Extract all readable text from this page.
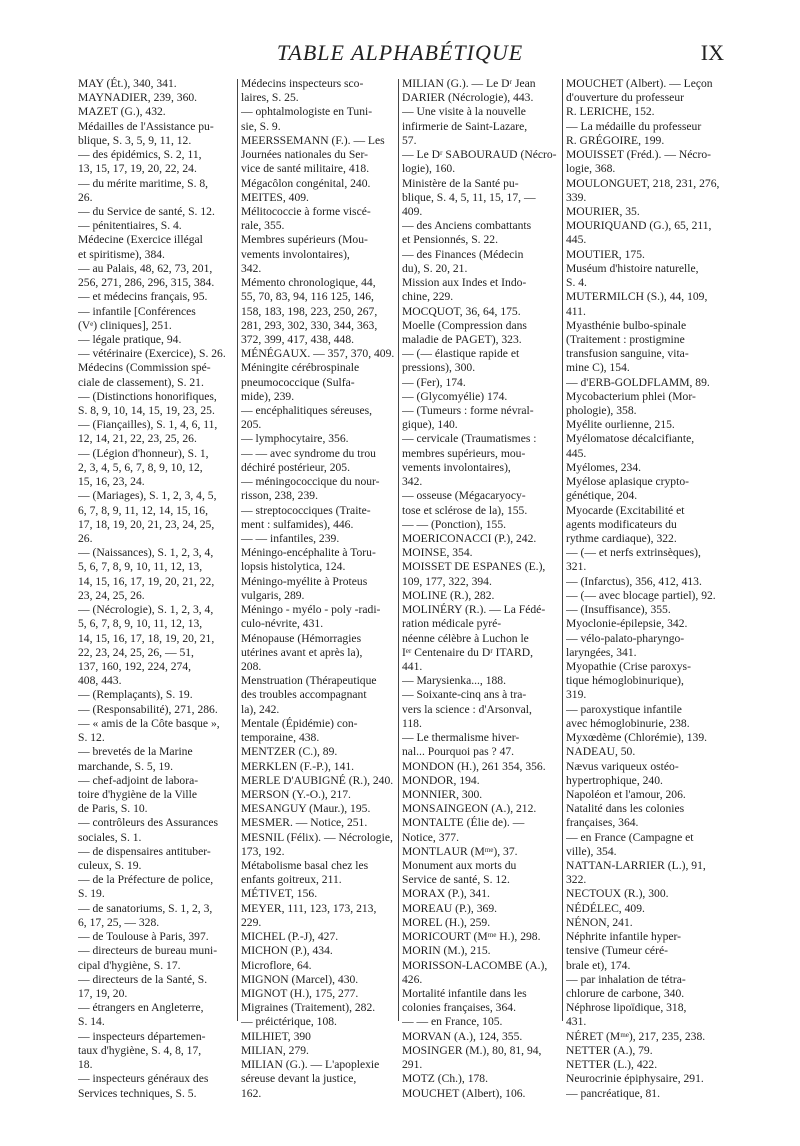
TABLE ALPHABÉTIQUE	IX
MAY (Ét.), 340, 341.
MAYNADIER, 239, 360.
MAZET (G.), 432.
Médailles de l'Assistance pu-
blique, S. 3, 5, 9, 11, 12.
— des épidémics, S. 2, 11,
13, 15, 17, 19, 20, 22, 24.
— du mérite maritime, S. 8,
26.
— du Service de santé, S. 12.
— pénitentiaires, S. 4.
Médecine (Exercice illégal
et spiritisme), 384.
— au Palais, 48, 62, 73, 201,
256, 271, 286, 296, 315, 384.
— et médecins français, 95.
— infantile [Conférences
(Vᵉ) cliniques], 251.
— légale pratique, 94.
— vétérinaire (Exercice), S. 26.
Médecins (Commission spé-
ciale de classement), S. 21.
— (Distinctions honorifiques,
S. 8, 9, 10, 14, 15, 19, 23, 25.
— (Fiançailles), S. 1, 4, 6, 11,
12, 14, 21, 22, 23, 25, 26.
— (Légion d'honneur), S. 1,
2, 3, 4, 5, 6, 7, 8, 9, 10, 12,
15, 16, 23, 24.
— (Mariages), S. 1, 2, 3, 4, 5,
6, 7, 8, 9, 11, 12, 14, 15, 16,
17, 18, 19, 20, 21, 23, 24, 25,
26.
— (Naissances), S. 1, 2, 3, 4,
5, 6, 7, 8, 9, 10, 11, 12, 13,
14, 15, 16, 17, 19, 20, 21, 22,
23, 24, 25, 26.
— (Nécrologie), S. 1, 2, 3, 4,
5, 6, 7, 8, 9, 10, 11, 12, 13,
14, 15, 16, 17, 18, 19, 20, 21,
22, 23, 24, 25, 26, — 51,
137, 160, 192, 224, 274,
408, 443.
— (Remplaçants), S. 19.
— (Responsabilité), 271, 286.
— « amis de la Côte basque »,
S. 12.
— brevetés de la Marine
marchande, S. 5, 19.
— chef-adjoint de labora-
toire d'hygiène de la Ville
de Paris, S. 10.
— contrôleurs des Assurances
sociales, S. 1.
— de dispensaires antituber-
culeux, S. 19.
— de la Préfecture de police,
S. 19.
— de sanatoriums, S. 1, 2, 3,
6, 17, 25, — 328.
— de Toulouse à Paris, 397.
— directeurs de bureau muni-
cipal d'hygiène, S. 17.
— directeurs de la Santé, S.
17, 19, 20.
— étrangers en Angleterre,
S. 14.
— inspecteurs départemen-
taux d'hygiène, S. 4, 8, 17,
18.
— inspecteurs généraux des
Services techniques, S. 5.
Médecins inspecteurs sco-
laires, S. 25.
— ophtalmologiste en Tuni-
sie, S. 9.
MEERSSEMANN (F.). — Les
Journées nationales du Ser-
vice de santé militaire, 418.
Mégacôlon congénital, 240.
MEITES, 409.
Mélitococcie à forme viscé-
rale, 355.
Membres supérieurs (Mou-
vements involontaires),
342.
Mémento chronologique, 44,
55, 70, 83, 94, 116 125, 146,
158, 183, 198, 223, 250, 267,
281, 293, 302, 330, 344, 363,
372, 399, 417, 438, 448.
MÉNÉGAUX. — 357, 370, 409.
Méningite cérébrospinale
pneumococcique (Sulfa-
mide), 239.
— encéphalitiques séreuses,
205.
— lymphocytaire, 356.
— — avec syndrome du trou
déchiré postérieur, 205.
— méningococcique du nour-
risson, 238, 239.
— streptococciques (Traite-
ment : sulfamides), 446.
— — infantiles, 239.
Méningo-encéphalite à Toru-
lopsis histolytica, 124.
Méningo-myélite à Proteus
vulgaris, 289.
Méningo - myélo - poly -radi-
culo-névrite, 431.
Ménopause (Hémorragies
utérines avant et après la),
208.
Menstruation (Thérapeutique
des troubles accompagnant
la), 242.
Mentale (Épidémie) con-
temporaine, 438.
MENTZER (C.), 89.
MERKLEN (F.-P.), 141.
MERLE D'AUBIGNÉ (R.), 240.
MERSON (Y.-O.), 217.
MESANGUY (Maur.), 195.
MESMER. — Notice, 251.
MESNIL (Félix). — Nécrologie,
173, 192.
Métabolisme basal chez les
enfants goitreux, 211.
MÉTIVET, 156.
MEYER, 111, 123, 173, 213,
229.
MICHEL (P.-J), 427.
MICHON (P.), 434.
Microflore, 64.
MIGNON (Marcel), 430.
MIGNOT (H.), 175, 277.
Migraines (Traitement), 282.
— préictérique, 108.
MILHIET, 390
MILIAN, 279.
MILIAN (G.). — L'apoplexie
séreuse devant la justice,
162.
MILIAN (G.). — Le Dʳ Jean
DARIER (Nécrologie), 443.
— Une visite à la nouvelle
infirmerie de Saint-Lazare,
57.
— Le Dʳ SABOURAUD (Nécro-
logie), 160.
Ministère de la Santé pu-
blique, S. 4, 5, 11, 15, 17, —
409.
— des Anciens combattants
et Pensionnés, S. 22.
— des Finances (Médecin
du), S. 20, 21.
Mission aux Indes et Indo-
chine, 229.
MOCQUOT, 36, 64, 175.
Moelle (Compression dans
maladie de PAGET), 323.
— (— élastique rapide et
pressions), 300.
— (Fer), 174.
— (Glycomyélie) 174.
— (Tumeurs : forme névral-
gique), 140.
— cervicale (Traumatismes :
membres supérieurs, mou-
vements involontaires),
342.
— osseuse (Mégacaryocy-
tose et sclérose de la), 155.
— — (Ponction), 155.
MOERICONACCI (P.), 242.
MOINSE, 354.
MOISSET DE ESPANES (E.),
109, 177, 322, 394.
MOLINE (R.), 282.
MOLINÉRY (R.). — La Fédé-
ration médicale pyré-
néenne célèbre à Luchon le
Iᵉʳ Centenaire du Dʳ ITARD,
441.
— Marysienka..., 188.
— Soixante-cinq ans à tra-
vers la science : d'Arsonval,
118.
— Le thermalisme hiver-
nal... Pourquoi pas ? 47.
MONDON (H.), 261 354, 356.
MONDOR, 194.
MONNIER, 300.
MONSAINGEON (A.), 212.
MONTALTE (Élie de). —
Notice, 377.
MONTLAUR (Mᵐᵉ), 37.
Monument aux morts du
Service de santé, S. 12.
MORAX (P.), 341.
MOREAU (P.), 369.
MOREL (H.), 259.
MORICOURT (Mᵐᵉ H.), 298.
MORIN (M.), 215.
MORISSON-LACOMBE (A.),
426.
Mortalité infantile dans les
colonies françaises, 364.
— — en France, 105.
MORVAN (A.), 124, 355.
MOSINGER (M.), 80, 81, 94,
291.
MOTZ (Ch.), 178.
MOUCHET (Albert), 106.
MOUCHET (Albert). — Leçon
d'ouverture du professeur
R. LERICHE, 152.
— La médaille du professeur
R. GRÉGOIRE, 199.
MOUISSET (Fréd.). — Nécro-
logie, 368.
MOULONGUET, 218, 231, 276,
339.
MOURIER, 35.
MOURIQUAND (G.), 65, 211,
445.
MOUTIER, 175.
Muséum d'histoire naturelle,
S. 4.
MUTERMILCH (S.), 44, 109,
411.
Myasthénie bulbo-spinale
(Traitement : prostigmine
transfusion sanguine, vita-
mine C), 154.
— d'ERB-GOLDFLAMM, 89.
Mycobacterium phlei (Mor-
phologie), 358.
Myélite ourlienne, 215.
Myélomatose décalcifiante,
445.
Myélomes, 234.
Myélose aplasique crypto-
génétique, 204.
Myocarde (Excitabilité et
agents modificateurs du
rythme cardiaque), 322.
— (— et nerfs extrinsèques),
321.
— (Infarctus), 356, 412, 413.
— (— avec blocage partiel), 92.
— (Insuffisance), 355.
Myoclonie-épilepsie, 342.
— vélo-palato-pharyngo-
laryngées, 341.
Myopathie (Crise paroxys-
tique hémoglobinurique),
319.
— paroxystique infantile
avec hémoglobinurie, 238.
Myxœdème (Chlorémie), 139.
NADEAU, 50.
Nævus variqueux ostéo-
hypertrophique, 240.
Napoléon et l'amour, 206.
Natalité dans les colonies
françaises, 364.
— en France (Campagne et
ville), 354.
NATTAN-LARRIER (L.), 91,
322.
NECTOUX (R.), 300.
NÉDÉLEC, 409.
NÉNON, 241.
Néphrite infantile hyper-
tensive (Tumeur céré-
brale et), 174.
— par inhalation de tétra-
chlorure de carbone, 340.
Néphrose lipoïdique, 318,
431.
NÉRET (Mᵐᵉ), 217, 235, 238.
NETTER (A.), 79.
NETTER (L.), 422.
Neurocrinie épiphysaire, 291.
— pancréatique, 81.
